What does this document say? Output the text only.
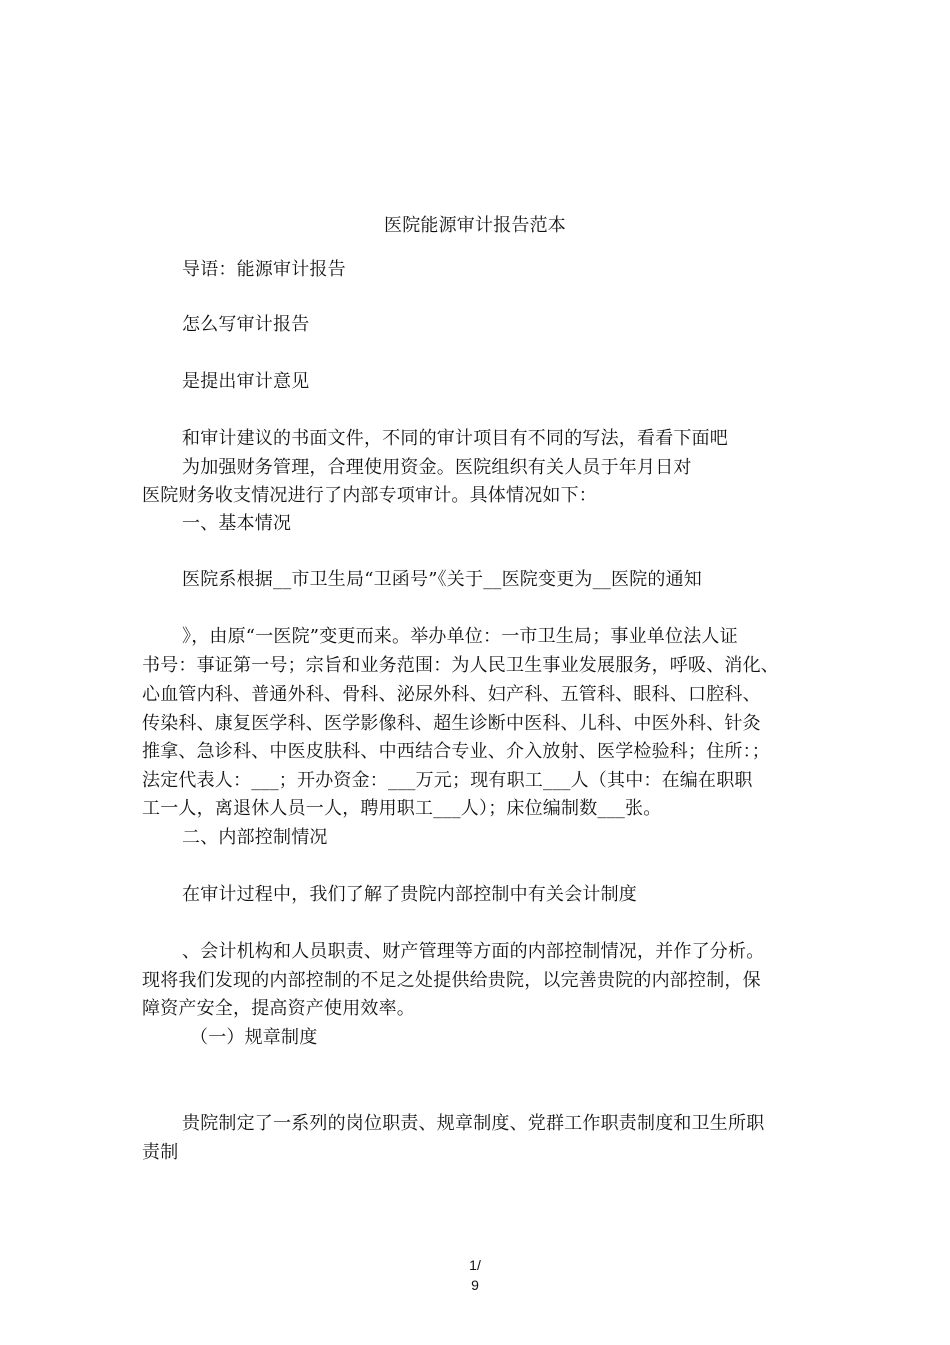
医院能源审计报告范本
导语：能源审计报告
怎么写审计报告
是提出审计意见
和审计建议的书面文件，不同的审计项目有不同的写法，看看下面吧
为加强财务管理，合理使用资金。医院组织有关人员于年月日对
医院财务收支情况进行了内部专项审计。具体情况如下：
一、基本情况
医院系根据__市卫生局“卫函号”《关于__医院变更为__医院的通知
》，由原“一医院”变更而来。举办单位：一市卫生局；事业单位法人证
书号：事证第一号；宗旨和业务范围：为人民卫生事业发展服务，呼吸、消化、
心血管内科、普通外科、骨科、泌尿外科、妇产科、五管科、眼科、口腔科、
传染科、康复医学科、医学影像科、超生诊断中医科、儿科、中医外科、针灸
推拿、急诊科、中医皮肤科、中西结合专业、介入放射、医学检验科；住所：；
法定代表人：___；开办资金：___万元；现有职工___人（其中：在编在职职
工一人，离退休人员一人，聘用职工___人）；床位编制数___张。
二、内部控制情况
在审计过程中，我们了解了贵院内部控制中有关会计制度
、会计机构和人员职责、财产管理等方面的内部控制情况，并作了分析。
现将我们发现的内部控制的不足之处提供给贵院，以完善贵院的内部控制，保
障资产安全，提高资产使用效率。
（一）规章制度
贵院制定了一系列的岗位职责、规章制度、党群工作职责制度和卫生所职
责制
1/
9
